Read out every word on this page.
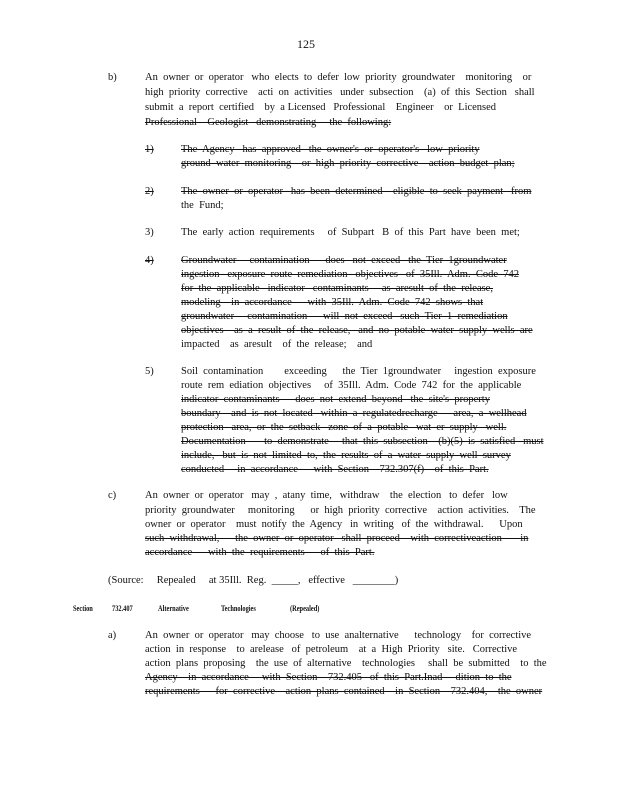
125
b)	An  owner  or  operator   who  elects  to  defer  low  priority  groundwater    monitoring    or
high  priority  corrective    acti  on  activities   under  subsection    (a)  of  this  Section   shall
submit  a  report  certified    by  a Licensed   Professional    Engineer    or  Licensed
Professional    Geologist   demonstrating     the  following:
1)	The  Agency   has  approved   the  owner's  or  operator's   low  priority
ground  water  monitoring    or  high  priority  corrective    action  budget  plan;
2)	The  owner  or  operator   has  been  determined    eligible  to  seek  payment   from
the  Fund;
3)	The  early  action  requirements     of  Subpart   B  of  this  Part  have  been  met;
4)	Groundwater     contamination      does   not  exceed   the  Tier  1groundwater
ingestion   exposure  route  remediation   objectives   of  35Ill.  Adm.  Code  742
for  the  applicable   indicator   contaminants     as  aresult  of  the  release,
modeling    in  accordance      with  35Ill.  Adm.  Code  742  shows  that
groundwater     contamination      will  not  exceed   such  Tier  1  remediation
objectives    as  a  result  of  the  release,   and  no  potable  water  supply  wells  are
impacted    as  aresult    of  the  release;    and
5)	Soil  contamination        exceeding      the  Tier  1groundwater     ingestion  exposure
route  rem  ediation  objectives     of  35Ill.  Adm.  Code  742  for  the  applicable
indicator  contaminants      does  not  extend  beyond   the  site's  property
boundary    and  is  not  located   within  a  regulatedrecharge      area,  a  wellhead
protection   area,  or  the  setback   zone  of  a  potable   wat  er  supply   well.
Documentation       to  demonstrate     that  this  subsection    (b)(5)  is  satisfied   must
include,   but  is  not  limited  to,  the  results  of  a  water  supply  well  survey
conducted     in  accordance      with  Section    732.307(f)    of  this  Part.
c)	An  owner  or  operator   may  ,  atany  time,   withdraw    the  election   to  defer   low
priority  groundwater     monitoring      or  high  priority  corrective    action  activities.    The
owner  or  operator    must  notify  the  Agency   in  writing   of  the  withdrawal.      Upon
such  withdrawal,      the  owner  or  operator   shall  proceed    with  correctiveaction       in
accordance      with  the  requirements      of  this  Part.
(Source:     Repealed     at 35Ill.  Reg.  _____,   effective   ________)
Section 732.407	Alternative	Technologies	(Repealed)
a)	An  owner  or  operator   may  choose   to  use  analternative      technology    for  corrective
action  in  response    to  arelease   of  petroleum    at  a  High  Priority   site.   Corrective
action  plans  proposing    the  use  of  alternative    technologies     shall  be  submitted    to  the
Agency    in  accordance     with  Section    732.405   of  this  Part.Inad     dition  to  the
requirements      for  corrective    action  plans  contained    in  Section    732.404,    the  owner
